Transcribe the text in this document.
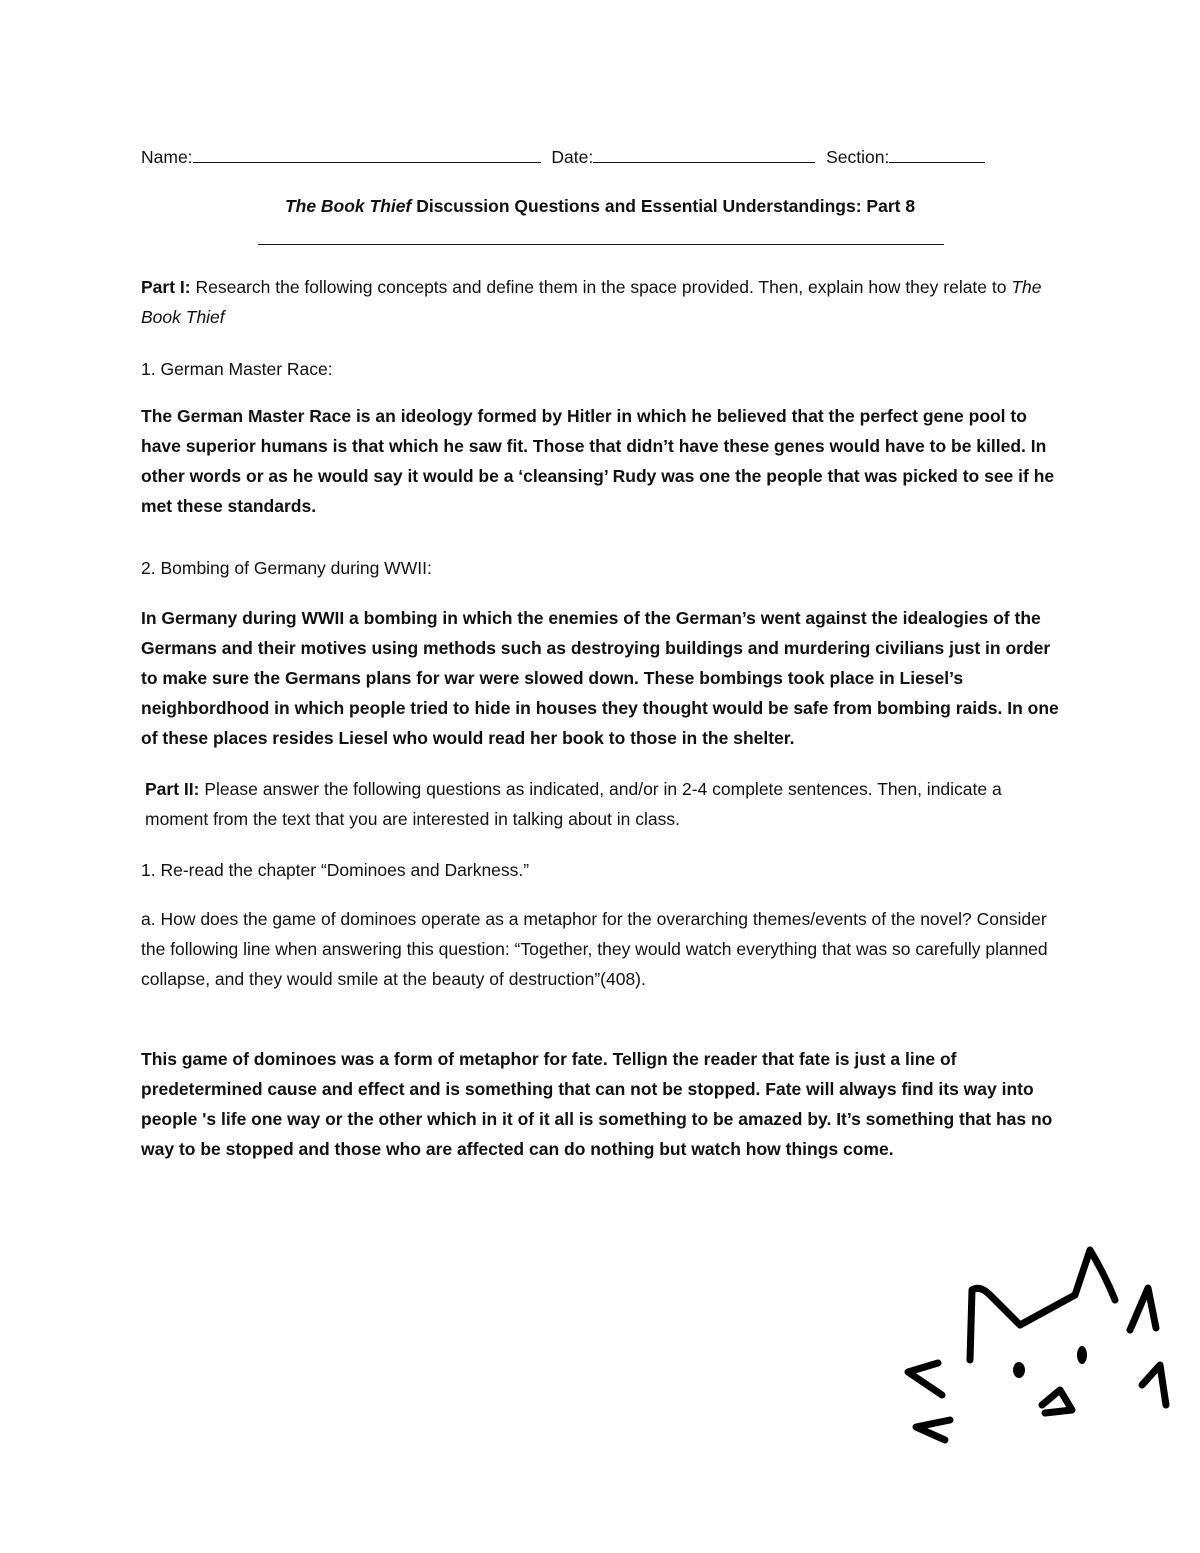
Name:	Date:	Section:
The Book Thief Discussion Questions and Essential Understandings: Part 8
Part I: Research the following concepts and define them in the space provided. Then, explain how they relate to The Book Thief
1. German Master Race:
The German Master Race is an ideology formed by Hitler in which he believed that the perfect gene pool to have superior humans is that which he saw fit. Those that didn’t have these genes would have to be killed. In other words or as he would say it would be a ‘cleansing’ Rudy was one the people that was picked to see if he met these standards.
2. Bombing of Germany during WWII:
In Germany during WWII a bombing in which the enemies of the German’s went against the idealogies of the Germans and their motives using methods such as destroying buildings and murdering civilians just in order to make sure the Germans plans for war were slowed down. These bombings took place in Liesel’s neighbordhood in which people tried to hide in houses they thought would be safe from bombing raids. In one of these places resides Liesel who would read her book to those in the shelter.
Part II: Please answer the following questions as indicated, and/or in 2-4 complete sentences. Then, indicate a moment from the text that you are interested in talking about in class.
1. Re-read the chapter “Dominoes and Darkness.”
a. How does the game of dominoes operate as a metaphor for the overarching themes/events of the novel? Consider the following line when answering this question: “Together, they would watch everything that was so carefully planned collapse, and they would smile at the beauty of destruction”(408).
This game of dominoes was a form of metaphor for fate. Tellign the reader that fate is just a line of predetermined cause and effect and is something that can not be stopped. Fate will always find its way into people 's life one way or the other which in it of it all is something to be amazed by. It’s something that has no way to be stopped and those who are affected can do nothing but watch how things come.
